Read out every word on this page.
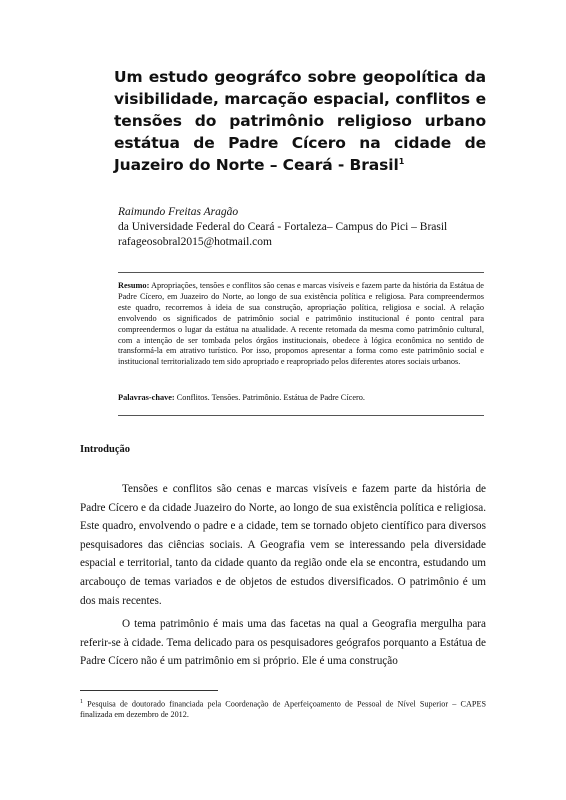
Um estudo geográfco sobre geopolítica da visibilidade, marcação espacial, conflitos e tensões do patrimônio religioso urbano estátua de Padre Cícero na cidade de Juazeiro do Norte – Ceará - Brasil$^1$
Raimundo Freitas Aragão
da Universidade Federal do Ceará - Fortaleza– Campus do Pici – Brasil
rafageosobral2015@hotmail.com
Resumo: Apropriações, tensões e conflitos são cenas e marcas visíveis e fazem parte da história da Estátua de Padre Cícero, em Juazeiro do Norte, ao longo de sua existência política e religiosa. Para compreendermos este quadro, recorremos à ideia de sua construção, apropriação política, religiosa e social. A relação envolvendo os significados de patrimônio social e patrimônio institucional é ponto central para compreendermos o lugar da estátua na atualidade. A recente retomada da mesma como patrimônio cultural, com a intenção de ser tombada pelos órgãos institucionais, obedece à lógica econômica no sentido de transformá-la em atrativo turístico. Por isso, propomos apresentar a forma como este patrimônio social e institucional territorializado tem sido apropriado e reapropriado pelos diferentes atores sociais urbanos.
Palavras-chave: Conflitos. Tensões. Patrimônio. Estátua de Padre Cícero.
Introdução

Tensões e conflitos são cenas e marcas visíveis e fazem parte da história de Padre Cícero e da cidade Juazeiro do Norte, ao longo de sua existência política e religiosa. Este quadro, envolvendo o padre e a cidade, tem se tornado objeto científico para diversos pesquisadores das ciências sociais. A Geografia vem se interessando pela diversidade espacial e territorial, tanto da cidade quanto da região onde ela se encontra, estudando um arcabouço de temas variados e de objetos de estudos diversificados. O patrimônio é um dos mais recentes.

O tema patrimônio é mais uma das facetas na qual a Geografia mergulha para referir-se à cidade. Tema delicado para os pesquisadores geógrafos porquanto a Estátua de Padre Cícero não é um patrimônio em si próprio. Ele é uma construção

$^1$ Pesquisa de doutorado financiada pela Coordenação de Aperfeiçoamento de Pessoal de Nível Superior – CAPES finalizada em dezembro de 2012.
